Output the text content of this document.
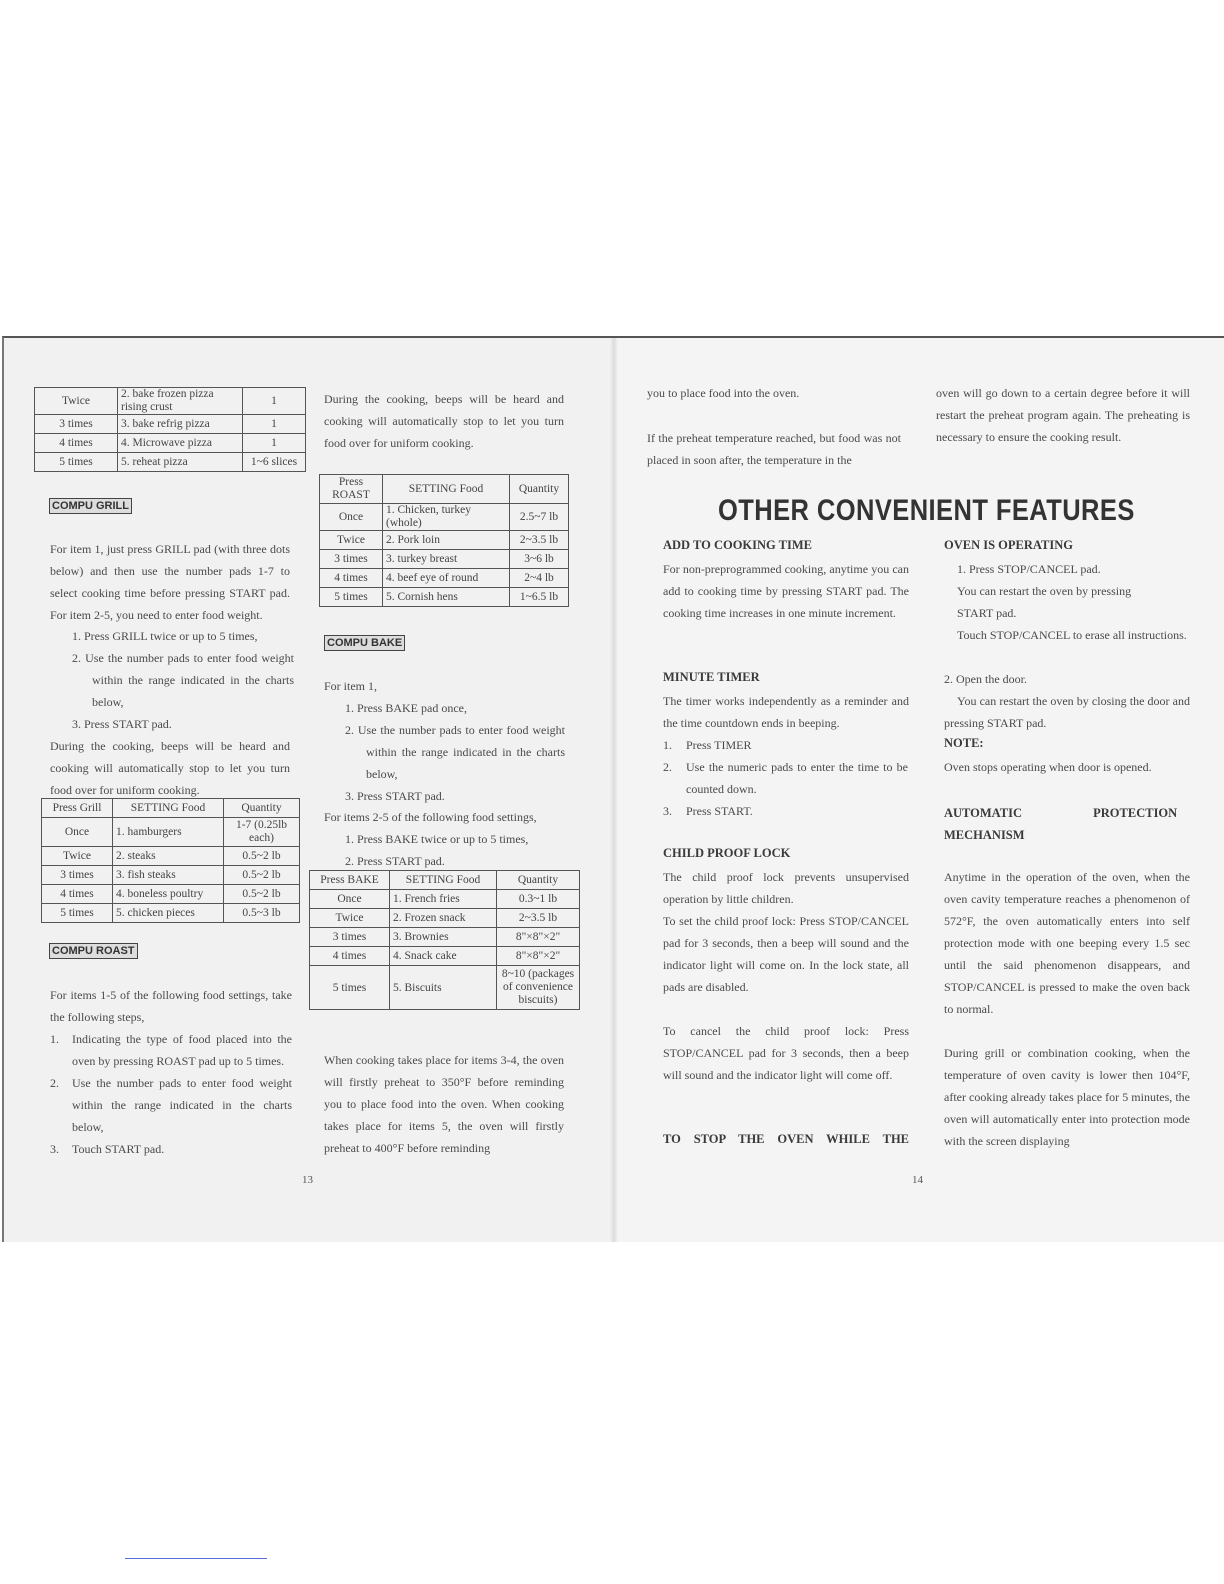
Twice	2. bake frozen pizza rising crust	1
3 times	3. bake refrig pizza	1
4 times	4. Microwave pizza	1
5 times	5. reheat pizza	1~6 slices
COMPU GRILL
For item 1, just press GRILL pad (with three dots below) and then use the number pads 1-7 to select cooking time before pressing START pad. For item 2-5, you need to enter food weight.
1. Press GRILL twice or up to 5 times,
2. Use the number pads to enter food weight within the range indicated in the charts below,
3. Press START pad.
During the cooking, beeps will be heard and cooking will automatically stop to let you turn food over for uniform cooking.
Press Grill	SETTING Food	Quantity
Once	1. hamburgers	1-7 (0.25lb each)
Twice	2. steaks	0.5~2 lb
3 times	3. fish steaks	0.5~2 lb
4 times	4. boneless poultry	0.5~2 lb
5 times	5. chicken pieces	0.5~3 lb
COMPU ROAST
For items 1-5 of the following food settings, take the following steps,
1. Indicating the type of food placed into the oven by pressing ROAST pad up to 5 times.
2. Use the number pads to enter food weight within the range indicated in the charts below,
3. Touch START pad.
During the cooking, beeps will be heard and cooking will automatically stop to let you turn food over for uniform cooking.
Press ROAST	SETTING Food	Quantity
Once	1. Chicken, turkey (whole)	2.5~7 lb
Twice	2. Pork loin	2~3.5 lb
3 times	3. turkey breast	3~6 lb
4 times	4. beef eye of round	2~4 lb
5 times	5. Cornish hens	1~6.5 lb
COMPU BAKE
For item 1,
1. Press BAKE pad once,
2. Use the number pads to enter food weight within the range indicated in the charts below,
3. Press START pad.
For items 2-5 of the following food settings,
1. Press BAKE twice or up to 5 times,
2. Press START pad.
Press BAKE	SETTING Food	Quantity
Once	1. French fries	0.3~1 lb
Twice	2. Frozen snack	2~3.5 lb
3 times	3. Brownies	8"×8"×2"
4 times	4. Snack cake	8"×8"×2"
5 times	5. Biscuits	8~10 (packages of convenience biscuits)
When cooking takes place for items 3-4, the oven will firstly preheat to 350°F before reminding you to place food into the oven. When cooking takes place for items 5, the oven will firstly preheat to 400°F before reminding
13
you to place food into the oven.
If the preheat temperature reached, but food was not placed in soon after, the temperature in the
oven will go down to a certain degree before it will restart the preheat program again. The preheating is necessary to ensure the cooking result.
OTHER CONVENIENT FEATURES
ADD TO COOKING TIME
For non-preprogrammed cooking, anytime you can add to cooking time by pressing START pad. The cooking time increases in one minute increment.
MINUTE TIMER
The timer works independently as a reminder and the time countdown ends in beeping.
1. Press TIMER
2. Use the numeric pads to enter the time to be counted down.
3. Press START.
CHILD PROOF LOCK
The child proof lock prevents unsupervised operation by little children.
To set the child proof lock: Press STOP/CANCEL pad for 3 seconds, then a beep will sound and the indicator light will come on. In the lock state, all pads are disabled.
To cancel the child proof lock: Press STOP/CANCEL pad for 3 seconds, then a beep will sound and the indicator light will come off.
TO STOP THE OVEN WHILE THE
OVEN IS OPERATING
1. Press STOP/CANCEL pad.
You can restart the oven by pressing START pad.
Touch STOP/CANCEL to erase all instructions.
2. Open the door.
You can restart the oven by closing the door and pressing START pad.
NOTE:
Oven stops operating when door is opened.
AUTOMATIC PROTECTION MECHANISM
Anytime in the operation of the oven, when the oven cavity temperature reaches a phenomenon of 572°F, the oven automatically enters into self protection mode with one beeping every 1.5 sec until the said phenomenon disappears, and STOP/CANCEL is pressed to make the oven back to normal.
During grill or combination cooking, when the temperature of oven cavity is lower then 104°F, after cooking already takes place for 5 minutes, the oven will automatically enter into protection mode with the screen displaying
14
